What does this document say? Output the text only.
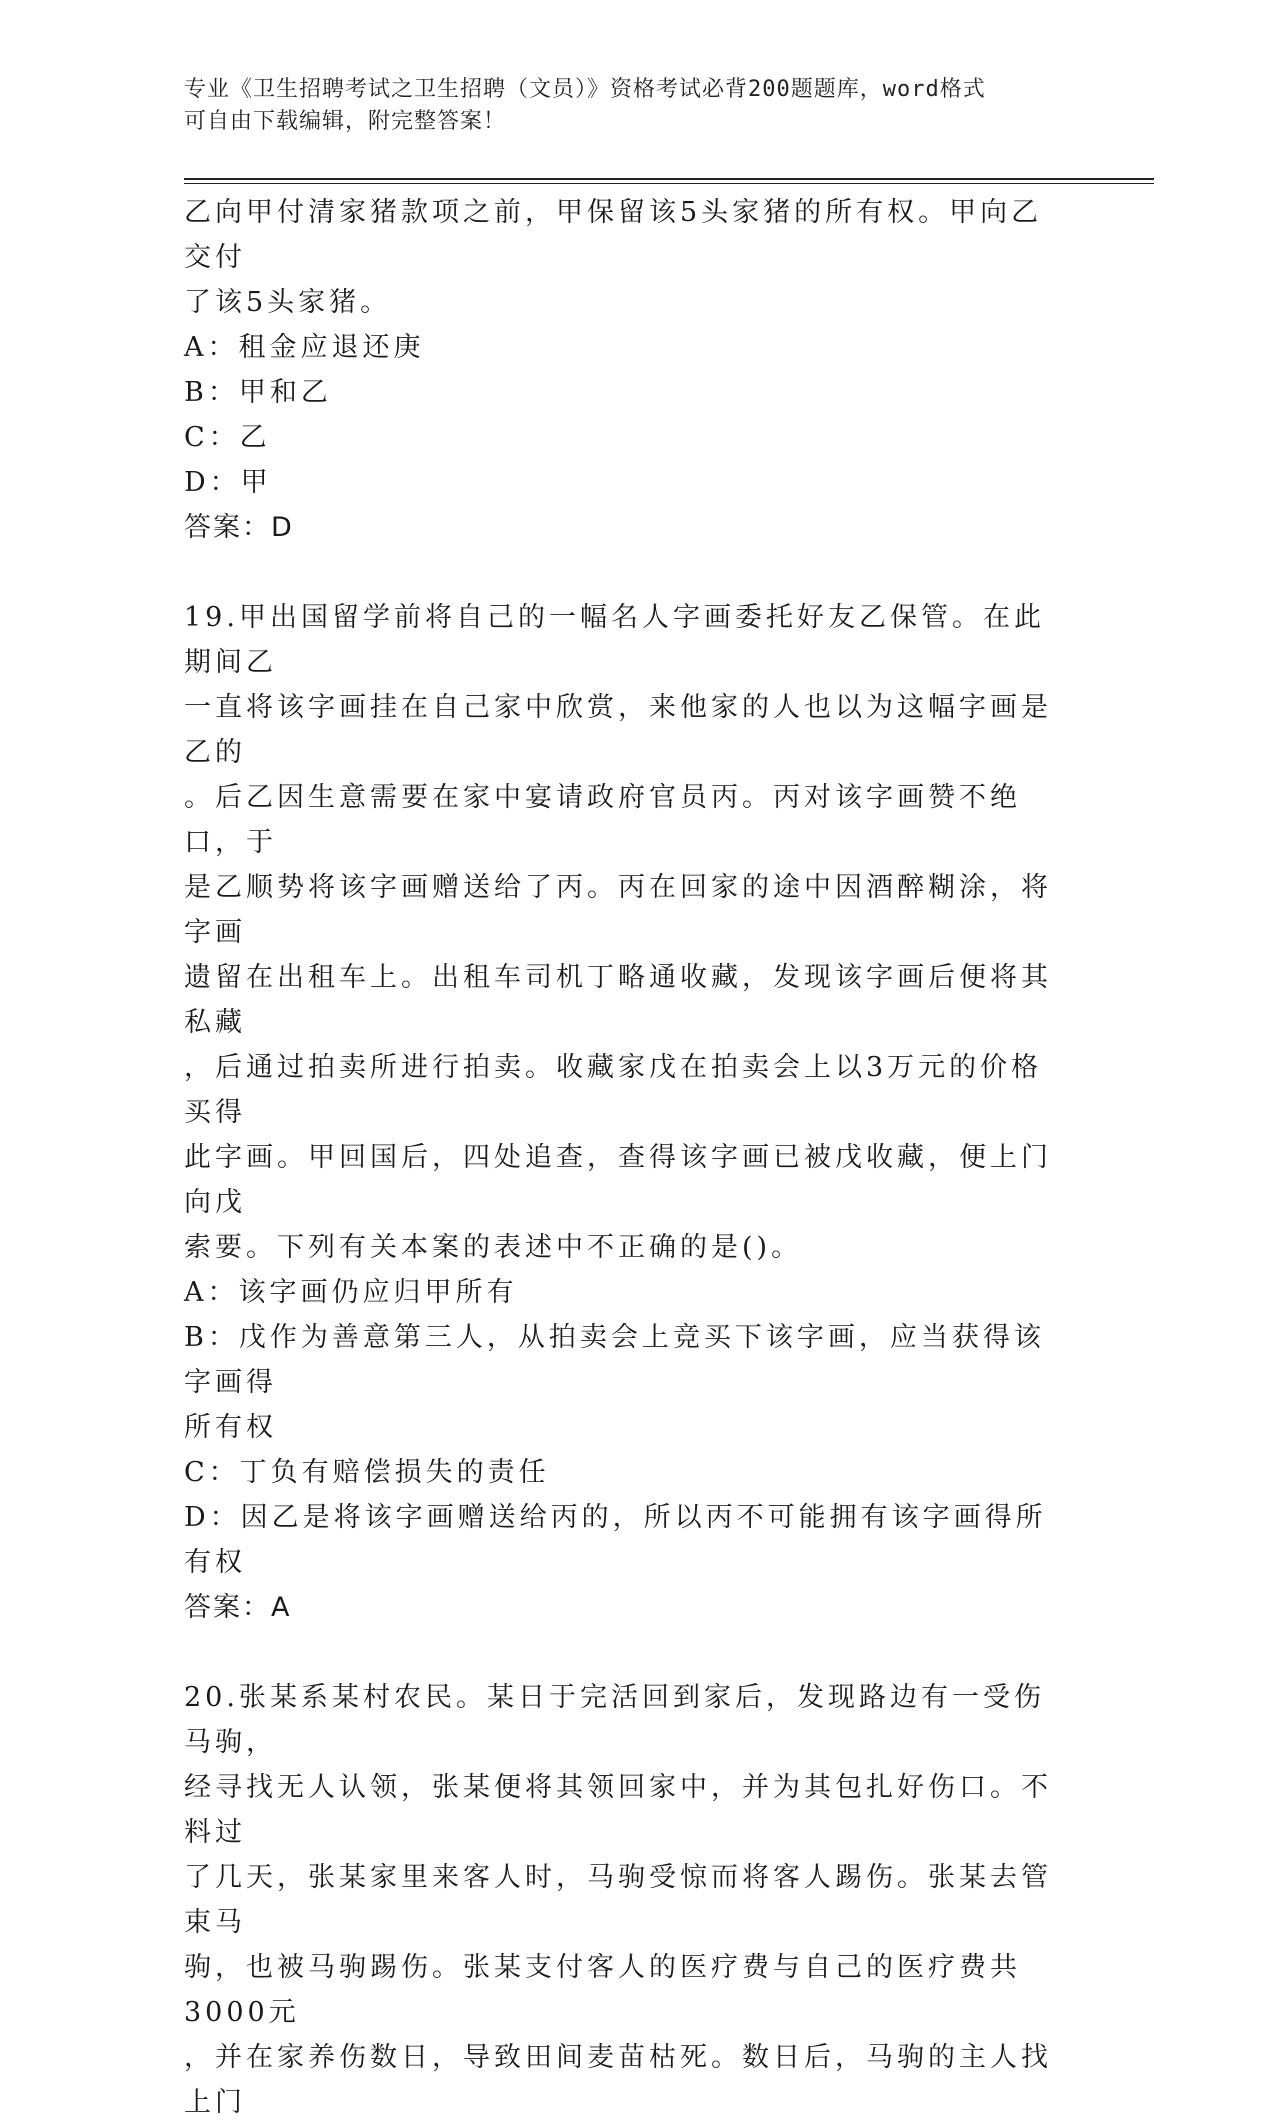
专业《卫生招聘考试之卫生招聘（文员）》资格考试必背200题题库，word格式
可自由下载编辑，附完整答案！

乙向甲付清家猪款项之前，甲保留该5头家猪的所有权。甲向乙交付

了该5头家猪。

A：租金应退还庚

B：甲和乙

C：乙

D：甲

答案：D

19.甲出国留学前将自己的一幅名人字画委托好友乙保管。在此期间乙

一直将该字画挂在自己家中欣赏，来他家的人也以为这幅字画是乙的

。后乙因生意需要在家中宴请政府官员丙。丙对该字画赞不绝口，于

是乙顺势将该字画赠送给了丙。丙在回家的途中因酒醉糊涂，将字画

遗留在出租车上。出租车司机丁略通收藏，发现该字画后便将其私藏

，后通过拍卖所进行拍卖。收藏家戊在拍卖会上以3万元的价格买得

此字画。甲回国后，四处追查，查得该字画已被戊收藏，便上门向戊

索要。下列有关本案的表述中不正确的是()。

A：该字画仍应归甲所有

B：戊作为善意第三人，从拍卖会上竞买下该字画，应当获得该字画得

所有权

C：丁负有赔偿损失的责任

D：因乙是将该字画赠送给丙的，所以丙不可能拥有该字画得所有权

答案：A

20.张某系某村农民。某日于完活回到家后，发现路边有一受伤马驹，

经寻找无人认领，张某便将其领回家中，并为其包扎好伤口。不料过

了几天，张某家里来客人时，马驹受惊而将客人踢伤。张某去管束马

驹，也被马驹踢伤。张某支付客人的医疗费与自己的医疗费共3000元

，并在家养伤数日，导致田间麦苗枯死。数日后，马驹的主人找上门
